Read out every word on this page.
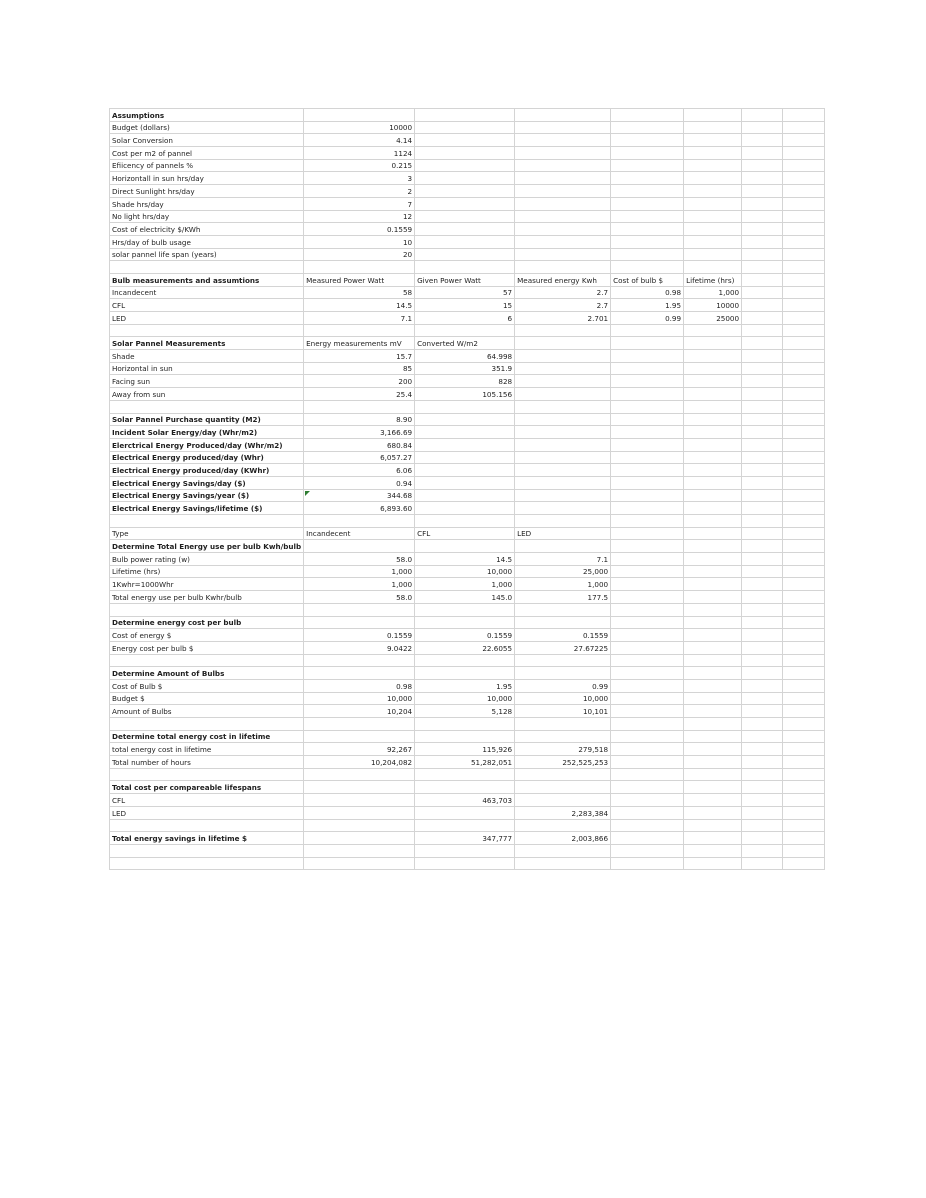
Assumptions							
Budget (dollars)	10000						
Solar Conversion	4.14						
Cost per m2 of pannel	1124						
Efiicency of pannels %	0.215						
Horizontall in sun hrs/day	3						
Direct Sunlight hrs/day	2						
Shade hrs/day	7						
No light hrs/day	12						
Cost of electricity $/KWh	0.1559						
Hrs/day of bulb usage	10						
solar pannel life span (years)	20						

Bulb measurements and assumtions	Measured Power Watt	Given Power Watt	Measured energy Kwh	Cost of bulb $	Lifetime (hrs)		
Incandecent	58	57	2.7	0.98	1,000		
CFL	14.5	15	2.7	1.95	10000		
LED	7.1	6	2.701	0.99	25000		

Solar Pannel Measurements	Energy measurements mV	Converted W/m2					
Shade	15.7	64.998					
Horizontal in sun	85	351.9					
Facing sun	200	828					
Away from sun	25.4	105.156					

Solar Pannel Purchase quantity (M2)	8.90						
Incident Solar Energy/day (Whr/m2)	3,166.69						
Elerctrical Energy Produced/day (Whr/m2)	680.84						
Electrical Energy produced/day (Whr)	6,057.27						
Electrical Energy produced/day (KWhr)	6.06						
Electrical Energy Savings/day ($)	0.94						
Electrical Energy Savings/year ($)	344.68

Electrical Energy Savings/lifetime ($)	6,893.60						

Type	Incandecent	CFL	LED				
Determine Total Energy use per bulb Kwh/bulb							
Bulb power rating (w)	58.0	14.5	7.1				
Lifetime (hrs)	1,000	10,000	25,000				
1Kwhr=1000Whr	1,000	1,000	1,000				
Total energy use per bulb Kwhr/bulb	58.0	145.0	177.5				

Determine energy cost per bulb							
Cost of energy $	0.1559	0.1559	0.1559				
Energy cost per bulb $	9.0422	22.6055	27.67225				

Determine Amount of Bulbs							
Cost of Bulb $	0.98	1.95	0.99				
Budget $	10,000	10,000	10,000				
Amount of Bulbs	10,204	5,128	10,101				

Determine total energy cost in lifetime							
total energy cost in lifetime	92,267	115,926	279,518				
Total number of hours	10,204,082	51,282,051	252,525,253				

Total cost per compareable lifespans							
CFL		463,703					
LED			2,283,384				

Total energy savings in lifetime $		347,777	2,003,866				
